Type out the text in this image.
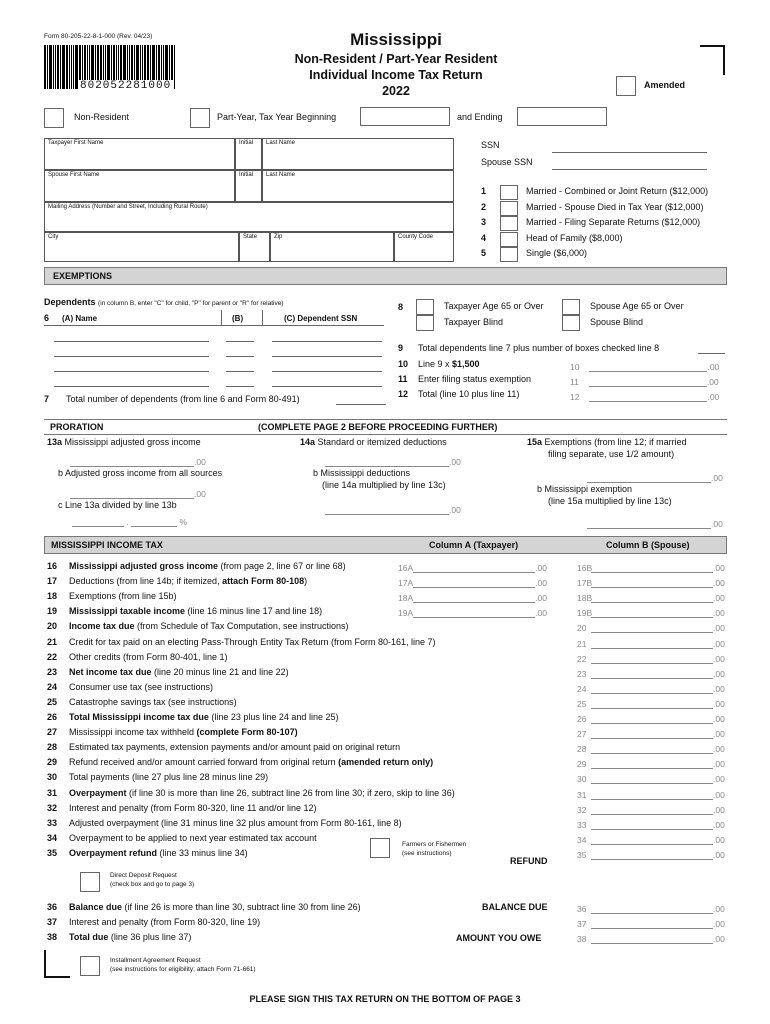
Form 80-205-22-8-1-000 (Rev. 04/23)
802052281000
Mississippi
Non-Resident / Part-Year Resident
Individual Income Tax Return
2022	Amended
Non-Resident	Part-Year, Tax Year Beginning	and Ending
Taxpayer First Name	Initial Last Name
Spouse First Name	Initial Last Name
Mailing Address (Number and Street, Including Rural Route)
City	State	Zip	County Code
SSN
Spouse SSN
1	Married - Combined or Joint Return ($12,000)
2	Married - Spouse Died in Tax Year ($12,000)
3	Married - Filing Separate Returns ($12,000)
4	Head of Family ($8,000)
5	Single ($6,000)
EXEMPTIONS
Dependents (in column B, enter "C" for child, "P" for parent or "R" for relative)
6 (A) Name	(B)	(C) Dependent SSN
7 Total number of dependents (from line 6 and Form 80-491)
8	Taxpayer Age 65 or Over
Taxpayer Blind
Spouse Age 65 or Over
Spouse Blind
9 Total dependents line 7 plus number of boxes checked line 8
10 Line 9 x $1,500
11 Enter filing status exemption
12 Total (line 10 plus line 11)
10	.00
11	.00
12	.00
PRORATION	(COMPLETE PAGE 2 BEFORE PROCEEDING FURTHER)
13a Mississippi adjusted gross income
.00
b Adjusted gross income from all sources
.00
c Line 13a divided by line 13b
.	%
14a Standard or itemized deductions
.00
b Mississippi deductions
(line 14a multiplied by line 13c)
.00
15a Exemptions (from line 12; if married
filing separate, use 1/2 amount)
.00
b Mississippi exemption
(line 15a multiplied by line 13c)
.00
MISSISSIPPI INCOME TAX	Column A (Taxpayer)	Column B (Spouse)
16 Mississippi adjusted gross income (from page 2, line 67 or line 68)	16A	.00	16B	.00
17 Deductions (from line 14b; if itemized, attach Form 80-108)	17A	.00	17B	.00
18 Exemptions (from line 15b)	18A	.00	18B	.00
19 Mississippi taxable income (line 16 minus line 17 and line 18)	19A	.00	19B	.00
20 Income tax due (from Schedule of Tax Computation, see instructions)	20	.00
21 Credit for tax paid on an electing Pass-Through Entity Tax Return (from Form 80-161, line 7)	21	.00
22 Other credits (from Form 80-401, line 1)	22	.00
23 Net income tax due (line 20 minus line 21 and line 22)	23	.00
24 Consumer use tax (see instructions)	24	.00
25 Catastrophe savings tax (see instructions)	25	.00
26 Total Mississippi income tax due (line 23 plus line 24 and line 25)	26	.00
27 Mississippi income tax withheld (complete Form 80-107)	27	.00
28 Estimated tax payments, extension payments and/or amount paid on original return	28	.00
29 Refund received and/or amount carried forward from original return (amended return only)	29	.00
30 Total payments (line 27 plus line 28 minus line 29)	30	.00
31 Overpayment (if line 30 is more than line 26, subtract line 26 from line 30; if zero, skip to line 36)	31	.00
32 Interest and penalty (from Form 80-320, line 11 and/or line 12)	32	.00
33 Adjusted overpayment (line 31 minus line 32 plus amount from Form 80-161, line 8)	33	.00
34 Overpayment to be applied to next year estimated tax account	34	.00
35 Overpayment refund (line 33 minus line 34)	35	.00
Farmers or Fishermen
(see instructions)
REFUND
Direct Deposit Request
(check box and go to page 3)
36 Balance due (if line 26 is more than line 30, subtract line 30 from line 26)	36	.00
37 Interest and penalty (from Form 80-320, line 19)	37	.00
38 Total due (line 36 plus line 37)	38	.00
BALANCE DUE
AMOUNT YOU OWE
Installment Agreement Request
(see instructions for eligibility; attach Form 71-661)
PLEASE SIGN THIS TAX RETURN ON THE BOTTOM OF PAGE 3
